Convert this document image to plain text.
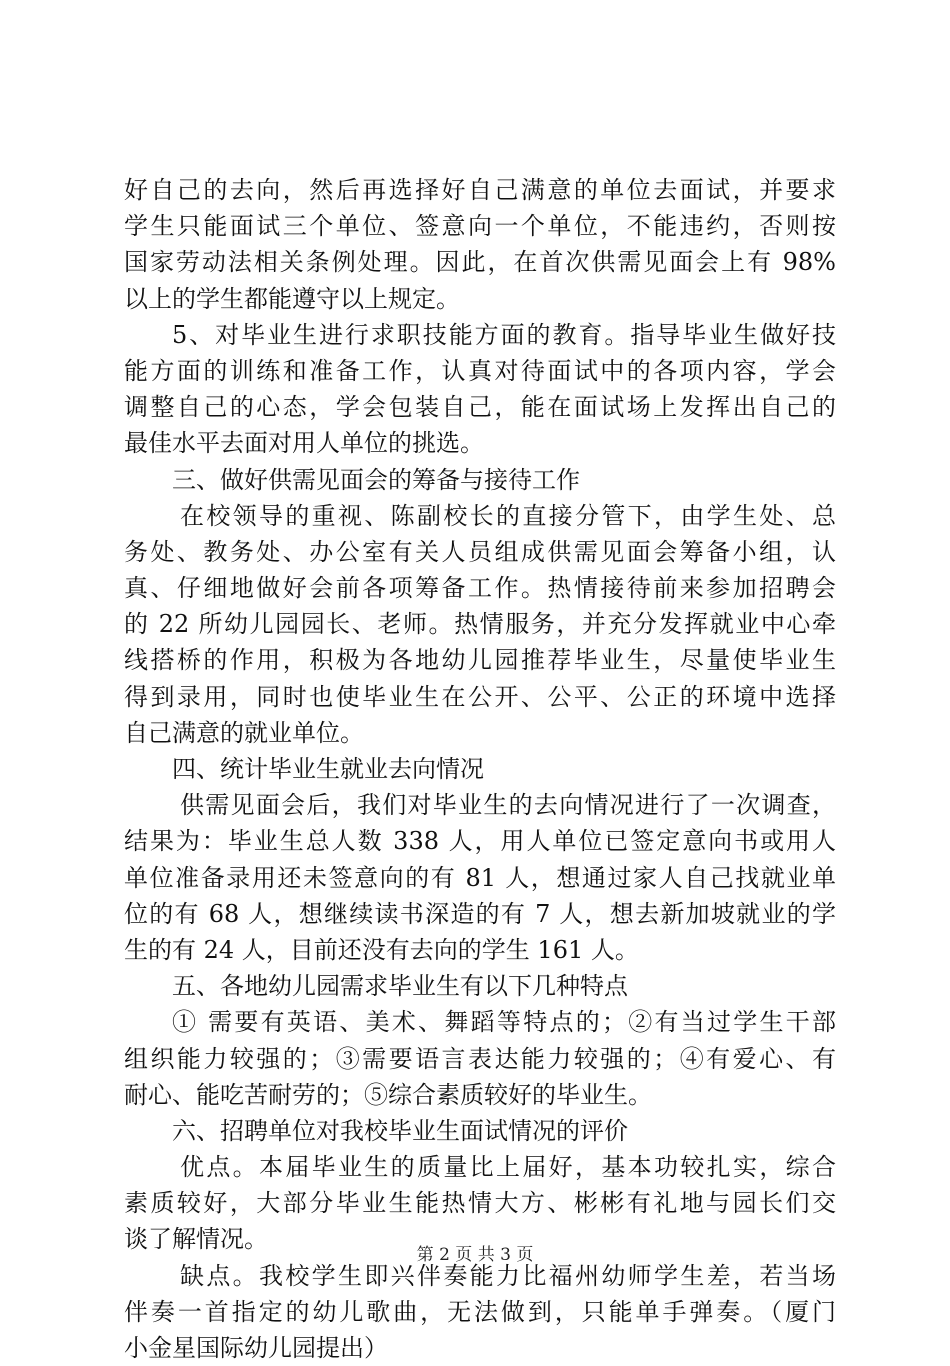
好自己的去向，然后再选择好自己满意的单位去面试，并要求
学生只能面试三个单位、签意向一个单位，不能违约，否则按
国家劳动法相关条例处理。因此，在首次供需见面会上有 98%
以上的学生都能遵守以上规定。
5、对毕业生进行求职技能方面的教育。指导毕业生做好技
能方面的训练和准备工作，认真对待面试中的各项内容，学会
调整自己的心态，学会包装自己，能在面试场上发挥出自己的
最佳水平去面对用人单位的挑选。
三、做好供需见面会的筹备与接待工作
在校领导的重视、陈副校长的直接分管下，由学生处、总
务处、教务处、办公室有关人员组成供需见面会筹备小组，认
真、仔细地做好会前各项筹备工作。热情接待前来参加招聘会
的 22 所幼儿园园长、老师。热情服务，并充分发挥就业中心牵
线搭桥的作用，积极为各地幼儿园推荐毕业生，尽量使毕业生
得到录用，同时也使毕业生在公开、公平、公正的环境中选择
自己满意的就业单位。
四、统计毕业生就业去向情况
供需见面会后，我们对毕业生的去向情况进行了一次调查，
结果为：毕业生总人数 338 人，用人单位已签定意向书或用人
单位准备录用还未签意向的有 81 人，想通过家人自己找就业单
位的有 68 人，想继续读书深造的有 7 人，想去新加坡就业的学
生的有 24 人，目前还没有去向的学生 161 人。
五、各地幼儿园需求毕业生有以下几种特点
① 需要有英语、美术、舞蹈等特点的；②有当过学生干部
组织能力较强的；③需要语言表达能力较强的；④有爱心、有
耐心、能吃苦耐劳的；⑤综合素质较好的毕业生。
六、招聘单位对我校毕业生面试情况的评价
优点。本届毕业生的质量比上届好，基本功较扎实，综合
素质较好，大部分毕业生能热情大方、彬彬有礼地与园长们交
谈了解情况。
缺点。我校学生即兴伴奏能力比福州幼师学生差，若当场
伴奏一首指定的幼儿歌曲，无法做到，只能单手弹奏。（厦门
小金星国际幼儿园提出）
第 2 页 共 3 页
